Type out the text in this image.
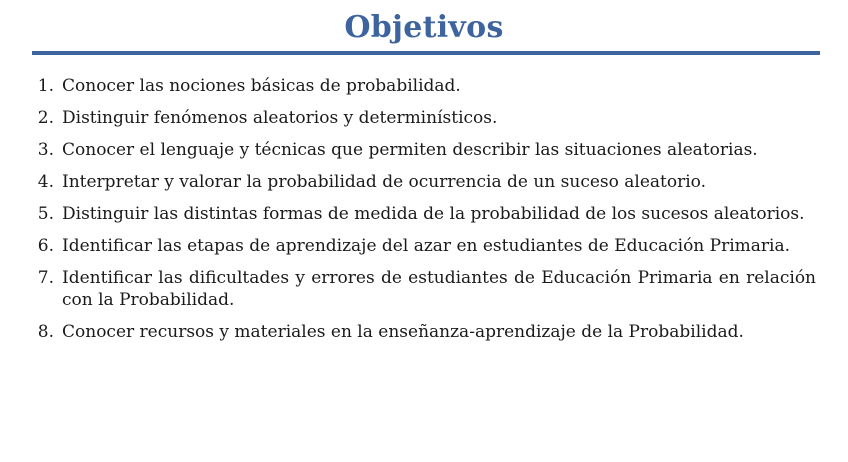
Objetivos
1. Conocer las nociones básicas de probabilidad.
2. Distinguir fenómenos aleatorios y determinísticos.
3. Conocer el lenguaje y técnicas que permiten describir las situaciones aleatorias.
4. Interpretar y valorar la probabilidad de ocurrencia de un suceso aleatorio.
5. Distinguir las distintas formas de medida de la probabilidad de los sucesos aleatorios.
6. Identificar las etapas de aprendizaje del azar en estudiantes de Educación Primaria.
7. Identificar las dificultades y errores de estudiantes de Educación Primaria en relación con la Probabilidad.
8. Conocer recursos y materiales en la enseñanza-aprendizaje de la Probabilidad.
